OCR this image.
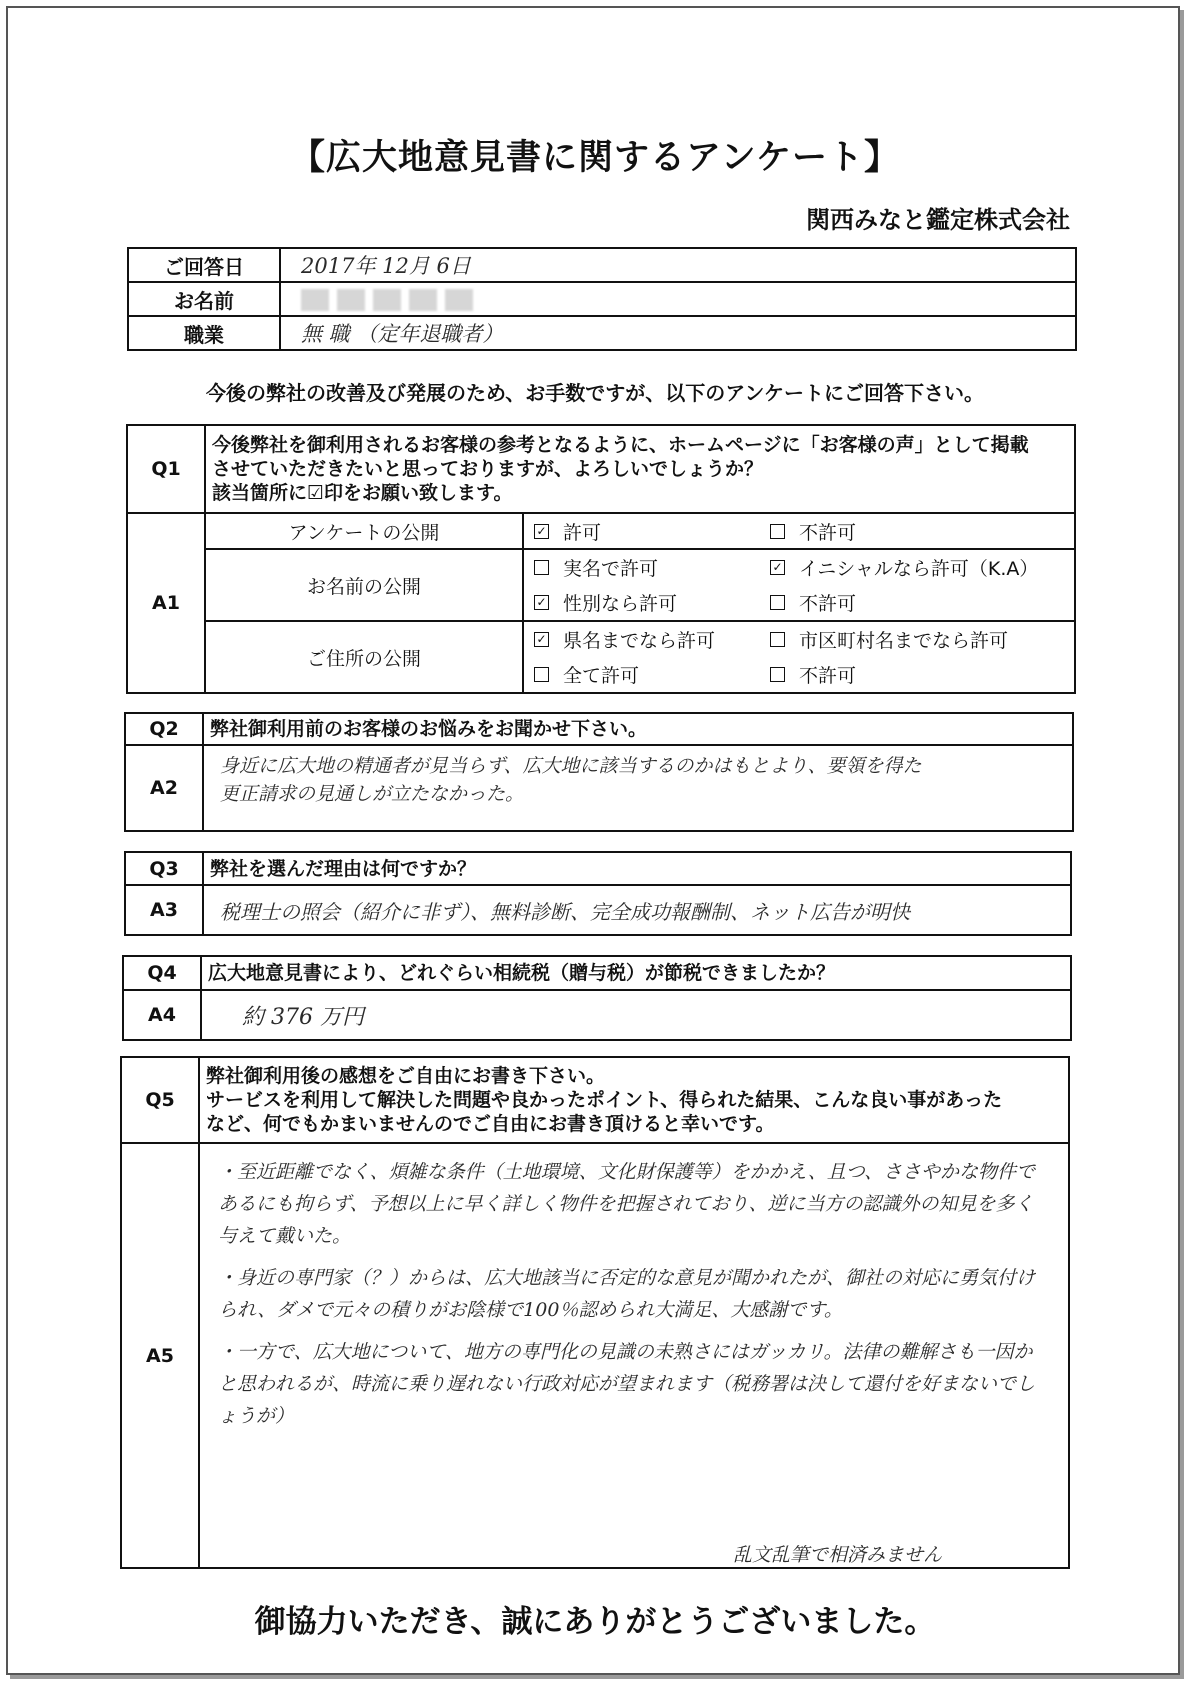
【広大地意見書に関するアンケート】
関西みなと鑑定株式会社
ご回答日	2017年 12月 6日
お名前	
職業	無 職 （定年退職者）
今後の弊社の改善及び発展のため、お手数ですが、以下のアンケートにご回答下さい。
Q1	今後弊社を御利用されるお客様の参考となるように、ホームページに「お客様の声」として掲載
させていただきたいと思っておりますが、よろしいでしょうか？
該当箇所に☑印をお願い致します。		

A1	アンケートの公開	✓ 許可	不許可
	お名前の公開	実名で許可	✓ イニシャルなら許可（K.A）
		✓ 性別なら許可	不許可
	ご住所の公開	✓ 県名までなら許可	市区町村名までなら許可
		全て許可	不許可
Q2	弊社御利用前のお客様のお悩みをお聞かせ下さい。
A2	身近に広大地の精通者が見当らず、広大地に該当するのかはもとより、要領を得た
更正請求の見通しが立たなかった。
Q3	弊社を選んだ理由は何ですか？
A3	税理士の照会（紹介に非ず）、無料診断、完全成功報酬制、ネット広告が明快
Q4	広大地意見書により、どれぐらい相続税（贈与税）が節税できましたか？
A4	約 376 万円
Q5	弊社御利用後の感想をご自由にお書き下さい。
サービスを利用して解決した問題や良かったポイント、得られた結果、こんな良い事があった
など、何でもかまいませんのでご自由にお書き頂けると幸いです。

A5	・至近距離でなく、煩雑な条件（土地環境、文化財保護等）をかかえ、且つ、ささやかな物件であるにも拘らず、予想以上に早く詳しく物件を把握されており、逆に当方の認識外の知見を多く与えて戴いた。

・身近の専門家（？）からは、広大地該当に否定的な意見が聞かれたが、御社の対応に勇気付けられ、ダメで元々の積りがお陰様で100％認められ大満足、大感謝です。

・一方で、広大地について、地方の専門化の見識の未熟さにはガッカリ。法律の難解さも一因かと思われるが、時流に乗り遅れない行政対応が望まれます（税務署は決して還付を好まないでしょうが）

乱文乱筆で相済みません
御協力いただき、誠にありがとうございました。
